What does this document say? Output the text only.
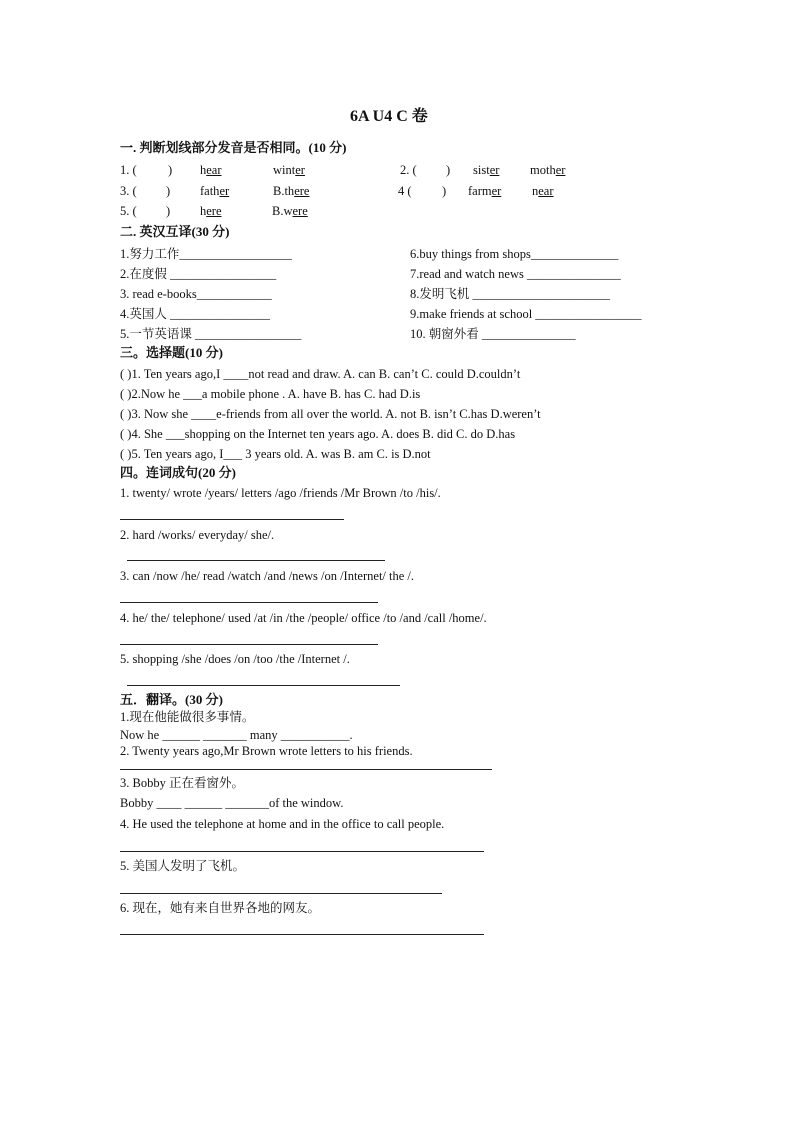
6A U4 C 卷
一. 判断划线部分发音是否相同。(10 分)
1. (	) hear	winter	2. ( ) sister mother
3. ( ) father	B.there	4 ( ) farmer near
5. ( ) here	B.were
二. 英汉互译(30 分)
1.努力工作__________________
2.在度假 _________________
3. read e-books____________
4.英国人 ________________
5.一节英语课 _________________
6.buy things from shops______________
7.read and watch news _______________
8.发明飞机 ______________________
9.make friends at school _________________
10. 朝窗外看 _______________
三。选择题(10 分)
( )1. Ten years ago,I ____not read and draw. A. can B. can’t C. could D.couldn’t
( )2.Now he ___a mobile phone . A. have B. has C. had D.is
( )3. Now she ____e-friends from all over the world. A. not B. isn’t C.has D.weren’t
( )4. She ___shopping on the Internet ten years ago. A. does B. did C. do D.has
( )5. Ten years ago, I___ 3 years old. A. was B. am C. is D.not
四。连词成句(20 分)
1. twenty/ wrote /years/ letters /ago /friends /Mr Brown /to /his/.
2. hard /works/ everyday/ she/.
3. can /now /he/ read /watch /and /news /on /Internet/ the /.
4. he/ the/ telephone/ used /at /in /the /people/ office /to /and /call /home/.
5. shopping /she /does /on /too /the /Internet /.
五．翻译。(30 分)
1.现在他能做很多事情。
Now he ______ _______ many ___________.
2. Twenty years ago,Mr Brown wrote letters to his friends.
3. Bobby 正在看窗外。
Bobby ____ ______ _______of the window.
4. He used the telephone at home and in the office to call people.
5. 美国人发明了飞机。
6. 现在，她有来自世界各地的网友。
